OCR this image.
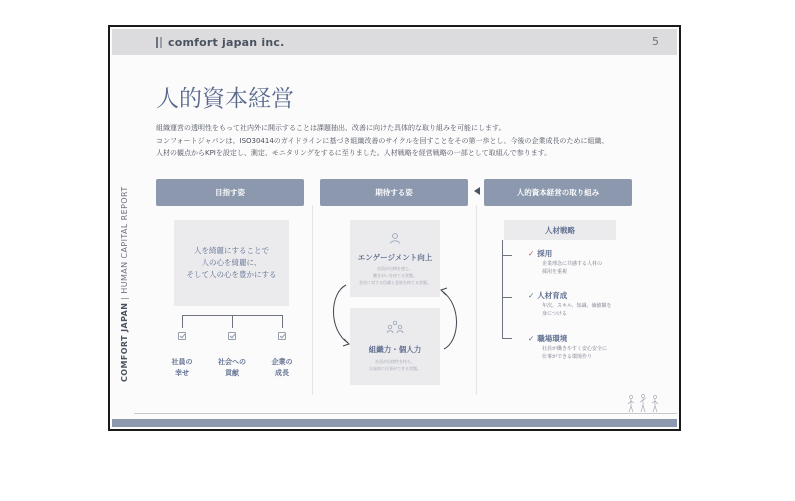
comfort japan inc.	5
人的資本経営

組織運営の透明性をもって社内外に開示することは課題抽出、改善に向けた具体的な取り組みを可能にします。

コンフォートジャパンは、ISO30414のガイドラインに基づき組織改善のサイクルを回すことをその第一歩とし、今後の企業成長のために組織、

人材の観点からKPIを設定し、測定、モニタリングをするに至りました。人材戦略を経営戦略の一部として取組んで参ります。

COMFORT JAPAN | HUMAN CAPITAL REPORT	目指す姿	期待する姿	人的資本経営の取り組み
人を綺麗にすることで
人の心を綺麗に、
そして人の心を豊かにする
社員の
幸せ
社会への
貢献
企業の
成長
エンゲージメント向上
社員が自律を感じ、
働きがいを持てる状態。
会社に対する信頼と意欲を持てる状態。
組織力・個人力
社員が自律性を持ち、
自発的に仕事ができる状態。
人材戦略
✓ 採用
企業理念に共感する人材の
採用を重視
✓ 人材育成
年次、スキル、知識、価値観を
身につける
✓ 職場環境
社員が働きやすく安心安全に
仕事ができる環境作り
